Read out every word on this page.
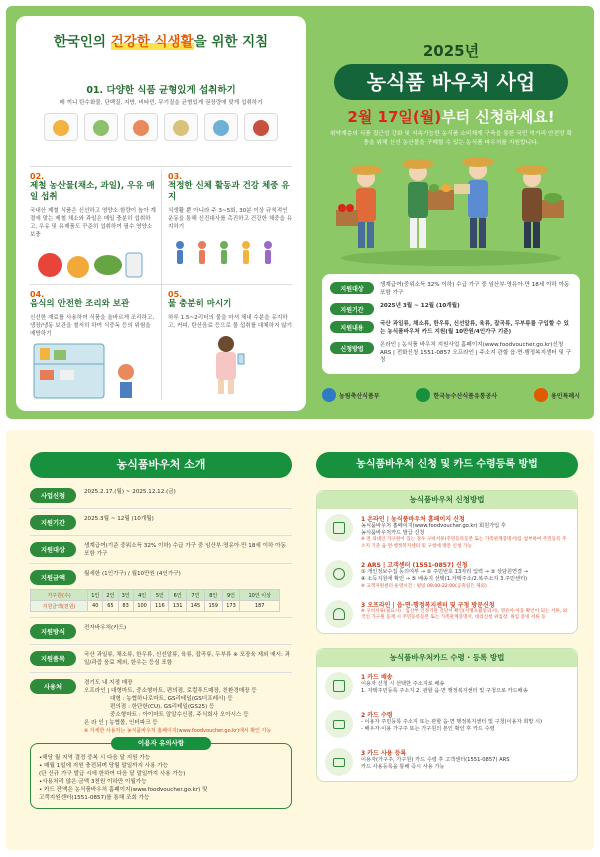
한국인의 건강한 식생활을 위한 지침
01. 다양한 식품 균형있게 섭취하기
매 끼니 탄수화물, 단백질, 지방, 비타민, 무기질을 균형있게 권장량에 맞게 섭취하기
02.
제철 농산물(채소, 과일), 우유 매일 섭취
국내산 제철 식품은 신선하고 영양소 함량이 높아 계절에 맞는 제철 채소와 과일은 매일 충분히 섭취하고, 우유 및 유제품도 꾸준히 섭취하여 필수 영양소 보충
03.
적정한 신체 활동과 건강 체중 유지
식생활 뿐 아니라 주 3~5회, 30분 이상 규칙적인 운동을 통해 신진대사를 촉진하고 건강한 체중을 유지하기
04.
음식의 안전한 조리와 보관
신선한 재료를 사용하여 식품을 올바르게 조리하고, 냉장/냉동 보관을 철저히 하여 식중독 등의 위험을 예방하기
05.
물 충분히 마시기
하루 1.5~2리터의 물을 마셔 체내 수분을 유지하고, 커피, 탄산음료 등으로 물 섭취를 대체하지 않기
2025년
농식품 바우처 사업
2월 17일(월)부터 신청하세요!
취약계층의 식품 접근성 강화 및 지속가능한 농식품 소비체계 구축을 통한 국민 먹거리 안전망 확충을 위해 신선 농산물을 구매할 수 있는 농식품 바우처를 지원합니다.
지원대상
생계급여(중위소득 32% 이하) 수급 가구 중 임산부·영유아·만 18세 이하 아동 포함 가구
지원기간
2025년 3월 ~ 12월 (10개월)
지원내용
국산 과일류, 채소류, 한우류, 신선알류, 육류, 잡곡류, 두부류를 구입할 수 있는 농식품바우처 카드 지원(월 10만원/4인가구 기준)
신청방법
온라인 | 농식품 바우처 지원사업 홈페이지(www.foodvoucher.go.kr)신청 ARS | 전화신청 1551-0857 오프라인 | 주소지 관할 읍·면·행정복지센터 및 구청
농림축산식품부	한국농수산식품유통공사	용인특례시
농식품바우처 소개
사업신청
2025.2.17.(월) ~ 2025.12.12.(금)
지원기간
2025.3월 ~ 12월 (10개월)
지원대상
생계급여(기준 중위소득 32% 이하) 수급 가구 중 임산부·영유아·만 18세 이하 아동 포함 가구
지원금액
월세한 (1인가구) / 월10만원 (4인가구)
가구원(수)	1인	2인	3인	4인	5인	6인	7인	8인	9인	10인 이상
지원금액(천원)	40	65	83	100	116	131	145	159	173	187
지원방식
전자바우처(카드)
지원품목
국산 과일류, 채소류, 한우류, 신선알류, 육류, 잡곡류, 두부류 ※ 포장육 제외 예시: 과일/과즙 음료 제외, 한우는 등심 포함
사용처
경기도 내 지정 매장
오프라인 | 대형마트, 중소형마트, 편의점, 로컬푸드매장, 친환경매장 등
대형 : 농협하나로마트, GS리테일(GS더프레시) 등
편의점 : 한단한(CU), GS리테일(GS25) 등
중소형마트 : 아이마트 알알수신점, 주식회사 오아시스 등
온 라 인 | 농협몰, 인터파크 등
※ 자세한 사용처는 농식품바우처 홈페이지(www.foodvoucher.go.kr)에서 확인 가능
이용자 유의사항
•해당 월 지역 결정 중복 시 다음 달 지원 가능
• 매월 1일에 지원 충전되며 당월 말일까지 사용 가능
(단 신규 가구 발급 시에 한하여 다음 달 말일까지 사용 가능)
•사용처리 않은 금액 3천원 이하만 이월가능
• 카드 잔액은 농식품바우처 홈페이지(www.foodvoucher.go.kr) 및
고객지원센터(1551-0857)를 통해 조회 가능
농식품바우처 신청 및 카드 수령등록 방법
농식품바우처 신청방법
1 온라인 | 농식품바우처 홈페이지 신청
농식품바우처 홈페이지(www.foodvoucher.go.kr) 회원가입 후
농식품바우처카드 발급 신청
※ 전 의대인 가구원이 있는 경우 구비서류(주민등록등본 또는 가족관계증명서)를 첨부하여 주민등록 주소지 기준 읍·면·행정복지센터 및 구청에 방문 신청 가능
2 ARS | 고객센터 (1551-0857) 신청
① 개인정보수집 동의여부 → ② 주민번호 13자리 입력 → ③ 상담원연결 →
④ 소득지원에 확인 → ⑤ 배송지 선택(1.자택주소/2.복주소지 3.주민센터)
※ 고객지원센터 운영시간 : 평일 09:00-22:00(공휴일은 제외)
3 오프라인 | 읍·면·행정복지센터 및 구청 방문신청
※ 구비서류(필요시) : 임산부 인정기관 진단서 확인(서명포괄동의서), 영유아·아동 확인이 되는 서류, 외국인 가구원 등재 시 주민등록등본 또는 가족관계증명서, 대리신청 위임장, 위임 증빙 서류 등
농식품바우처카드 수령 · 등록 방법
1 카드 배송
이용자 신청 시 선택한 주소지로 배송
1. 자택주민등록 주소지 2. 관할 읍·면 행정복지센터 및 구청으로 카드배송
2 카드 수령
- 이용자 주민등록 주소지 또는 관할 읍·면 행정복지센터 및 구청(이용자 희망 시)
- 배우자·이용 가구주 또는 가구원의 본인 확인 후 카드 수령
3 카드 사용 등록
이용자(가구주, 가구원) 카드 수령 후 고객센터(1551-0857) ARS
카드 사용등록을 통해 즉시 사용 가능
